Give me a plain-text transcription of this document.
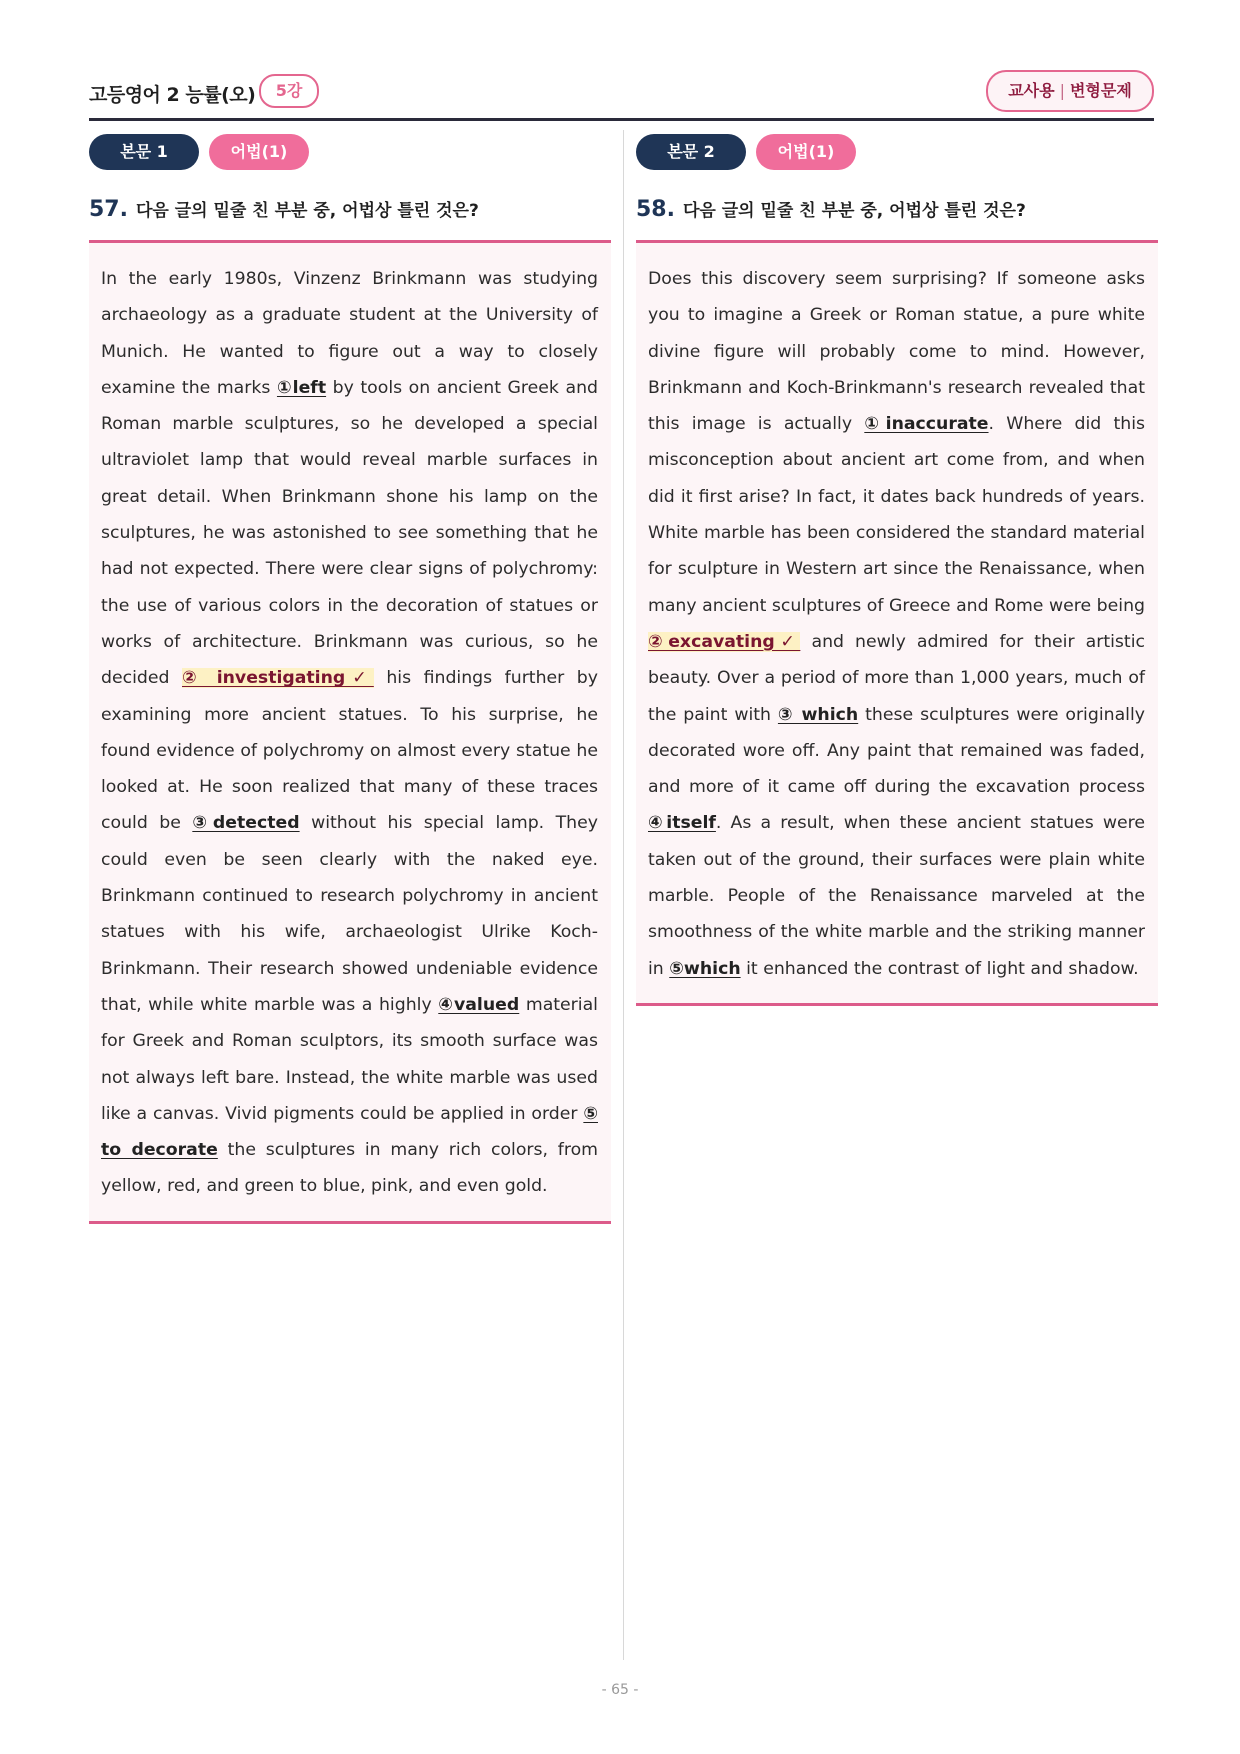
고등영어 2 능률(오)	5강	교사용 | 변형문제
본문 1	어법(1)
57. 다음 글의 밑줄 친 부분 중, 어법상 틀린 것은?

In the early 1980s, Vinzenz Brinkmann was studying archaeology as a graduate student at the University of Munich. He wanted to figure out a way to closely examine the marks ①left by tools on ancient Greek and Roman marble sculptures, so he developed a special ultraviolet lamp that would reveal marble surfaces in great detail. When Brinkmann shone his lamp on the sculptures, he was astonished to see something that he had not expected. There were clear signs of polychromy: the use of various colors in the decoration of statues or works of architecture. Brinkmann was curious, so he decided ② investigating✓ his findings further by examining more ancient statues. To his surprise, he found evidence of polychromy on almost every statue he looked at. He soon realized that many of these traces could be ③detected without his special lamp. They could even be seen clearly with the naked eye. Brinkmann continued to research polychromy in ancient statues with his wife, archaeologist Ulrike Koch-Brinkmann. Their research showed undeniable evidence that, while white marble was a highly ④valued material for Greek and Roman sculptors, its smooth surface was not always left bare. Instead, the white marble was used like a canvas. Vivid pigments could be applied in order ⑤ to decorate the sculptures in many rich colors, from yellow, red, and green to blue, pink, and even gold.

본문 2	어법(1)
58. 다음 글의 밑줄 친 부분 중, 어법상 틀린 것은?

Does this discovery seem surprising? If someone asks you to imagine a Greek or Roman statue, a pure white divine figure will probably come to mind. However, Brinkmann and Koch-Brinkmann's research revealed that this image is actually ①inaccurate. Where did this misconception about ancient art come from, and when did it first arise? In fact, it dates back hundreds of years. White marble has been considered the standard material for sculpture in Western art since the Renaissance, when many ancient sculptures of Greece and Rome were being ②excavating✓ and newly admired for their artistic beauty. Over a period of more than 1,000 years, much of the paint with ③ which these sculptures were originally decorated wore off. Any paint that remained was faded, and more of it came off during the excavation process ④itself. As a result, when these ancient statues were taken out of the ground, their surfaces were plain white marble. People of the Renaissance marveled at the smoothness of the white marble and the striking manner in ⑤which it enhanced the contrast of light and shadow.

- 65 -
